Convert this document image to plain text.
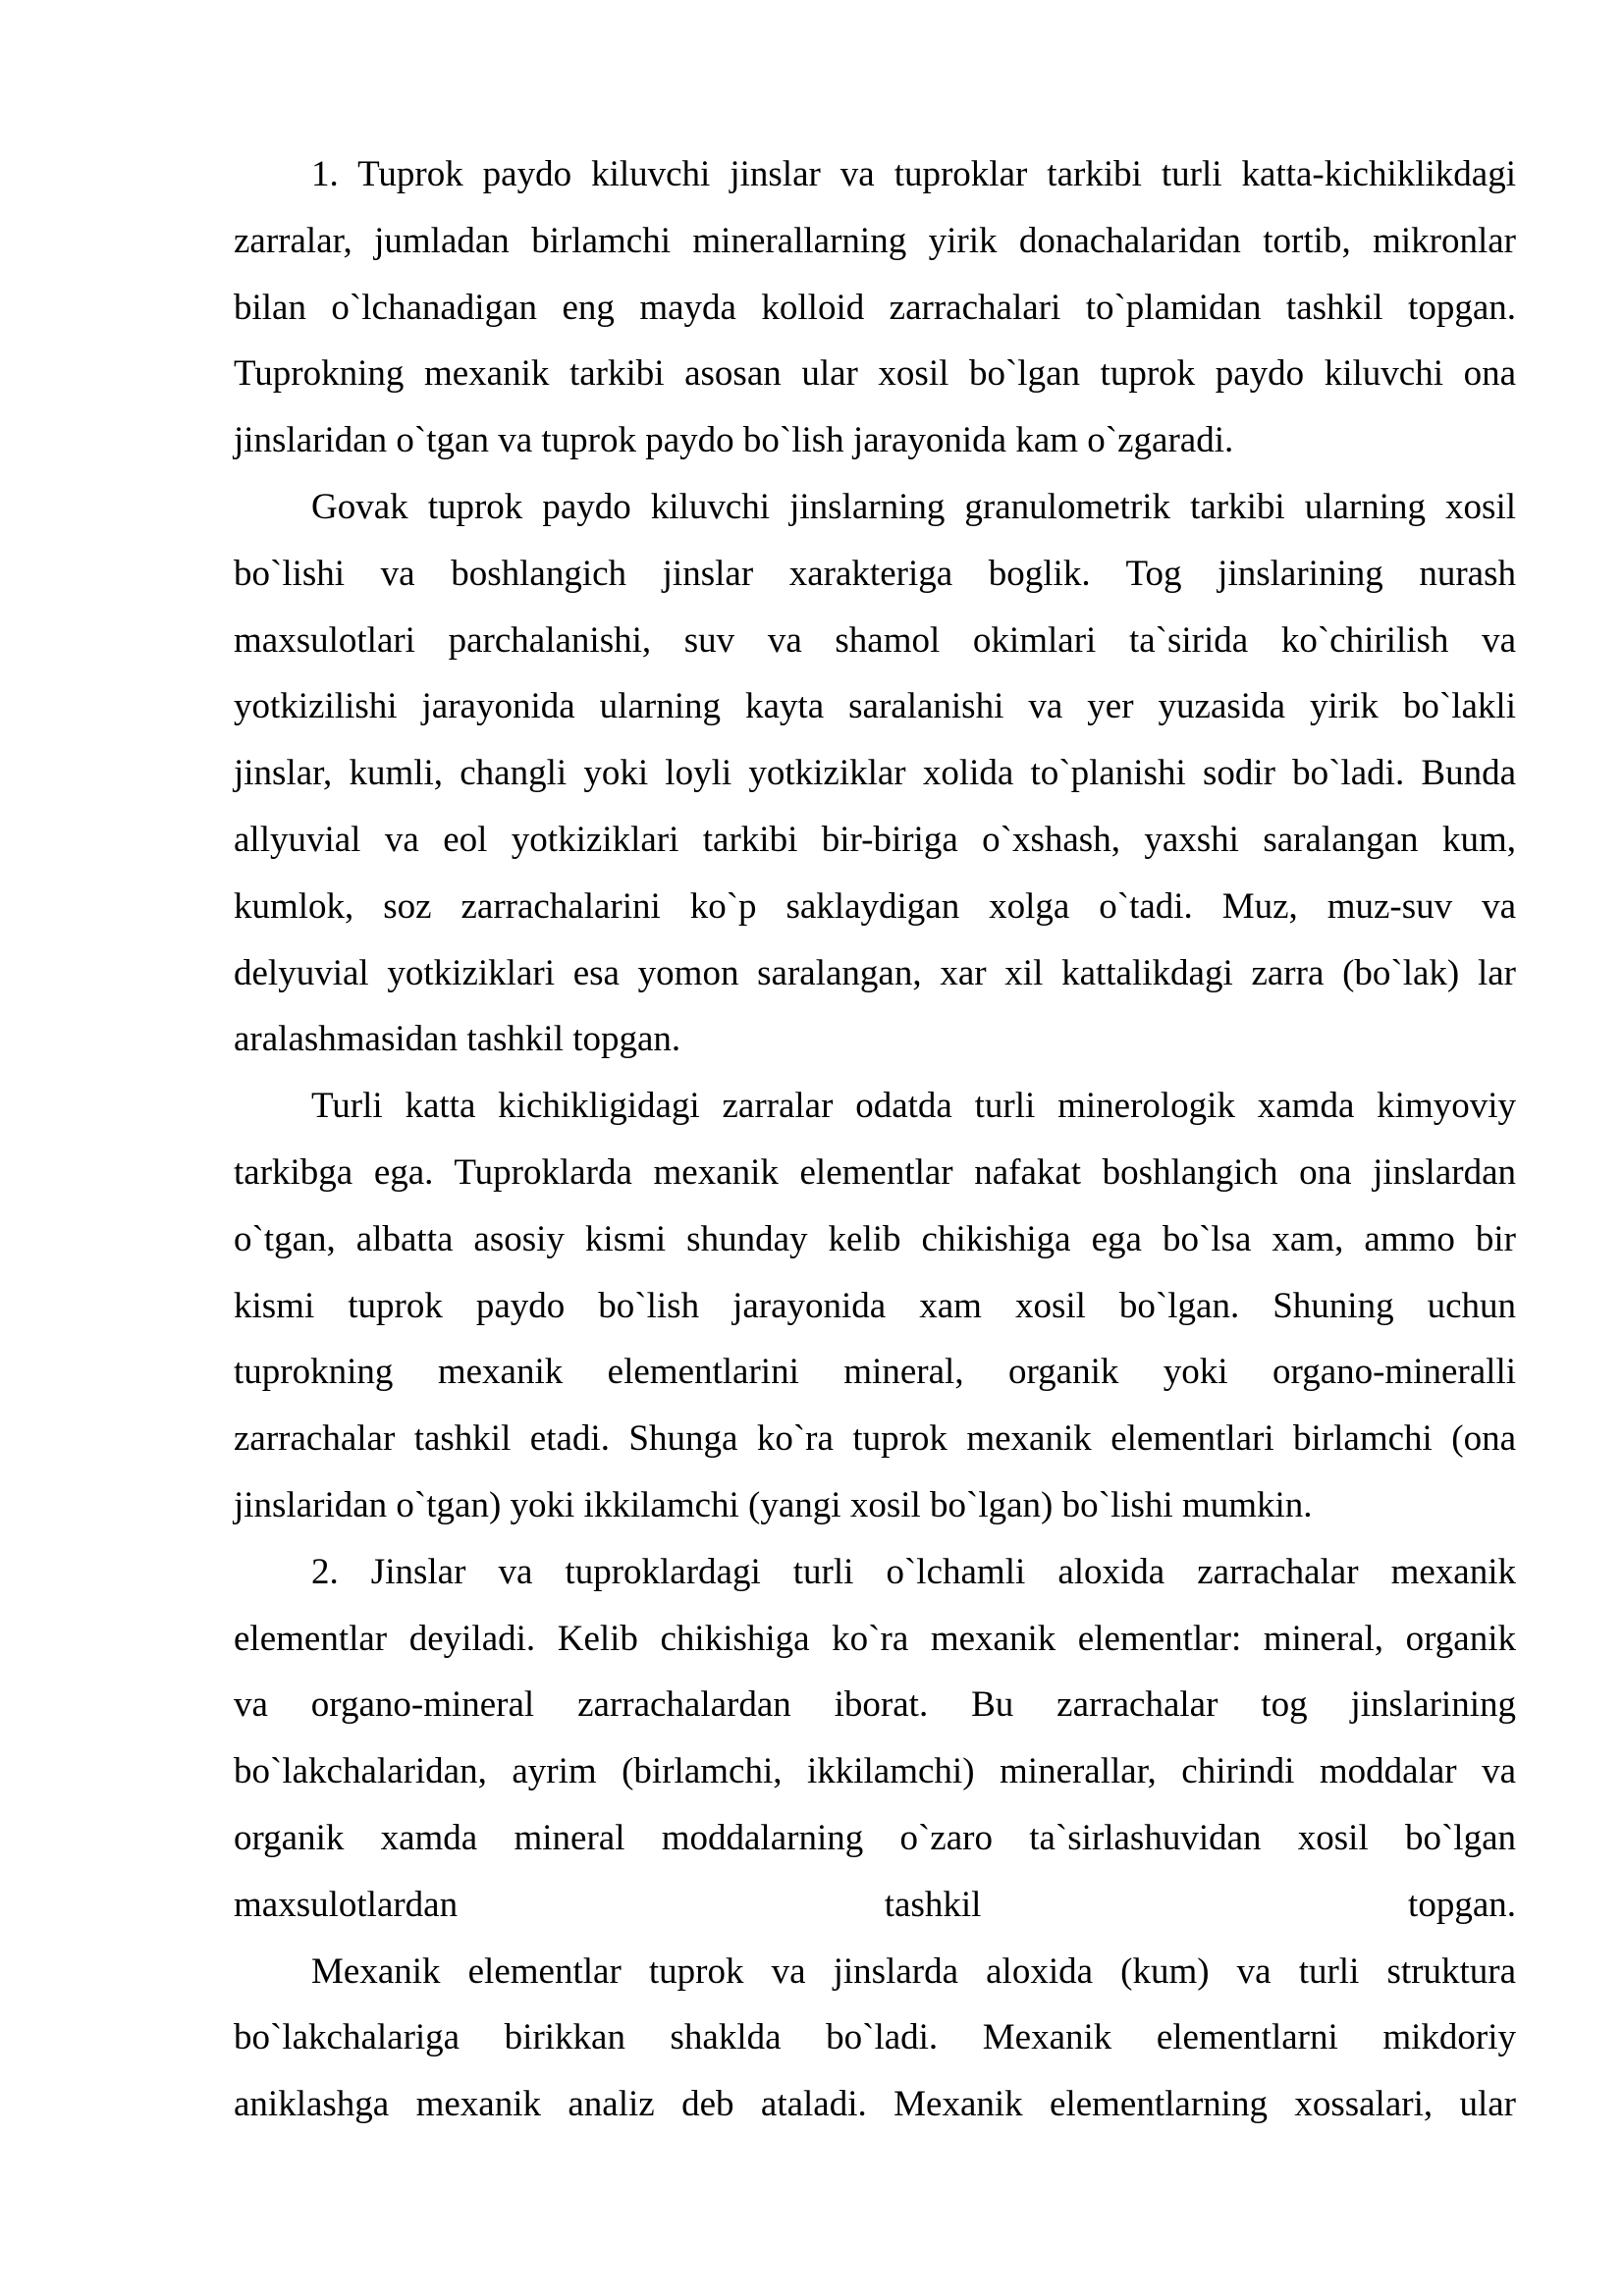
1. Tuprok paydo kiluvchi jinslar va tuproklar tarkibi turli katta-kichiklikdagi
zarralar, jumladan birlamchi minerallarning yirik donachalaridan tortib, mikronlar
bilan o`lchanadigan eng mayda kolloid zarrachalari to`plamidan tashkil topgan.
Tuprokning mexanik tarkibi asosan ular xosil bo`lgan tuprok paydo kiluvchi ona
jinslaridan o`tgan va tuprok paydo bo`lish jarayonida kam o`zgaradi.
Govak tuprok paydo kiluvchi jinslarning granulometrik tarkibi ularning xosil
bo`lishi va boshlangich jinslar xarakteriga boglik. Tog jinslarining nurash
maxsulotlari parchalanishi, suv va shamol okimlari ta`sirida ko`chirilish va
yotkizilishi jarayonida ularning kayta saralanishi va yer yuzasida yirik bo`lakli
jinslar, kumli, changli yoki loyli yotkiziklar xolida to`planishi sodir bo`ladi. Bunda
allyuvial va eol yotkiziklari tarkibi bir-biriga o`xshash, yaxshi saralangan kum,
kumlok, soz zarrachalarini ko`p saklaydigan xolga o`tadi. Muz, muz-suv va
delyuvial yotkiziklari esa yomon saralangan, xar xil kattalikdagi zarra (bo`lak) lar
aralashmasidan tashkil topgan.
Turli katta kichikligidagi zarralar odatda turli minerologik xamda kimyoviy
tarkibga ega. Tuproklarda mexanik elementlar nafakat boshlangich ona jinslardan
o`tgan, albatta asosiy kismi shunday kelib chikishiga ega bo`lsa xam, ammo bir
kismi tuprok paydo bo`lish jarayonida xam xosil bo`lgan. Shuning uchun
tuprokning mexanik elementlarini mineral, organik yoki organo-mineralli
zarrachalar tashkil etadi. Shunga ko`ra tuprok mexanik elementlari birlamchi (ona
jinslaridan o`tgan) yoki ikkilamchi (yangi xosil bo`lgan) bo`lishi mumkin.
2. Jinslar va tuproklardagi turli o`lchamli aloxida zarrachalar mexanik
elementlar deyiladi. Kelib chikishiga ko`ra mexanik elementlar: mineral, organik
va organo-mineral zarrachalardan iborat. Bu zarrachalar tog jinslarining
bo`lakchalaridan, ayrim (birlamchi, ikkilamchi) minerallar, chirindi moddalar va
organik xamda mineral moddalarning o`zaro ta`sirlashuvidan xosil bo`lgan
maxsulotlardan tashkil topgan.
Mexanik elementlar tuprok va jinslarda aloxida (kum) va turli struktura
bo`lakchalariga birikkan shaklda bo`ladi. Mexanik elementlarni mikdoriy
aniklashga mexanik analiz deb ataladi. Mexanik elementlarning xossalari, ular
